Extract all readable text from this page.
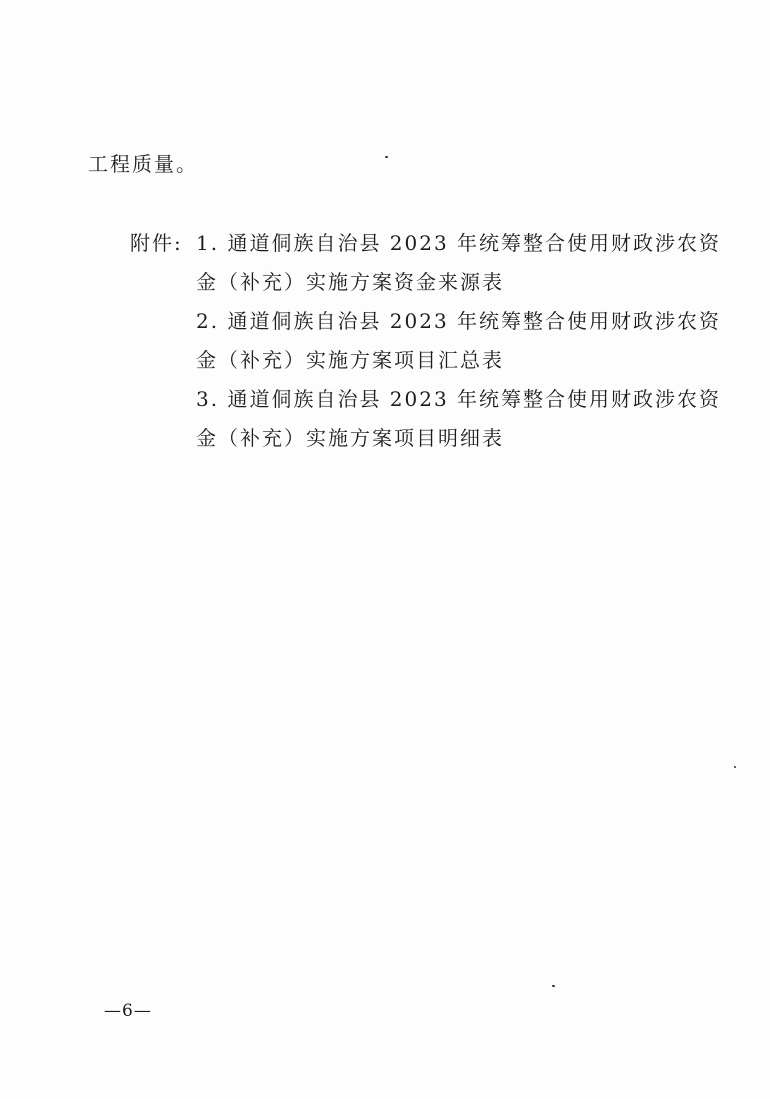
工程质量。
附件: 1. 通道侗族自治县 2023 年统筹整合使用财政涉农资
金（补充）实施方案资金来源表
2. 通道侗族自治县 2023 年统筹整合使用财政涉农资
金（补充）实施方案项目汇总表
3. 通道侗族自治县 2023 年统筹整合使用财政涉农资
金（补充）实施方案项目明细表
—6—
